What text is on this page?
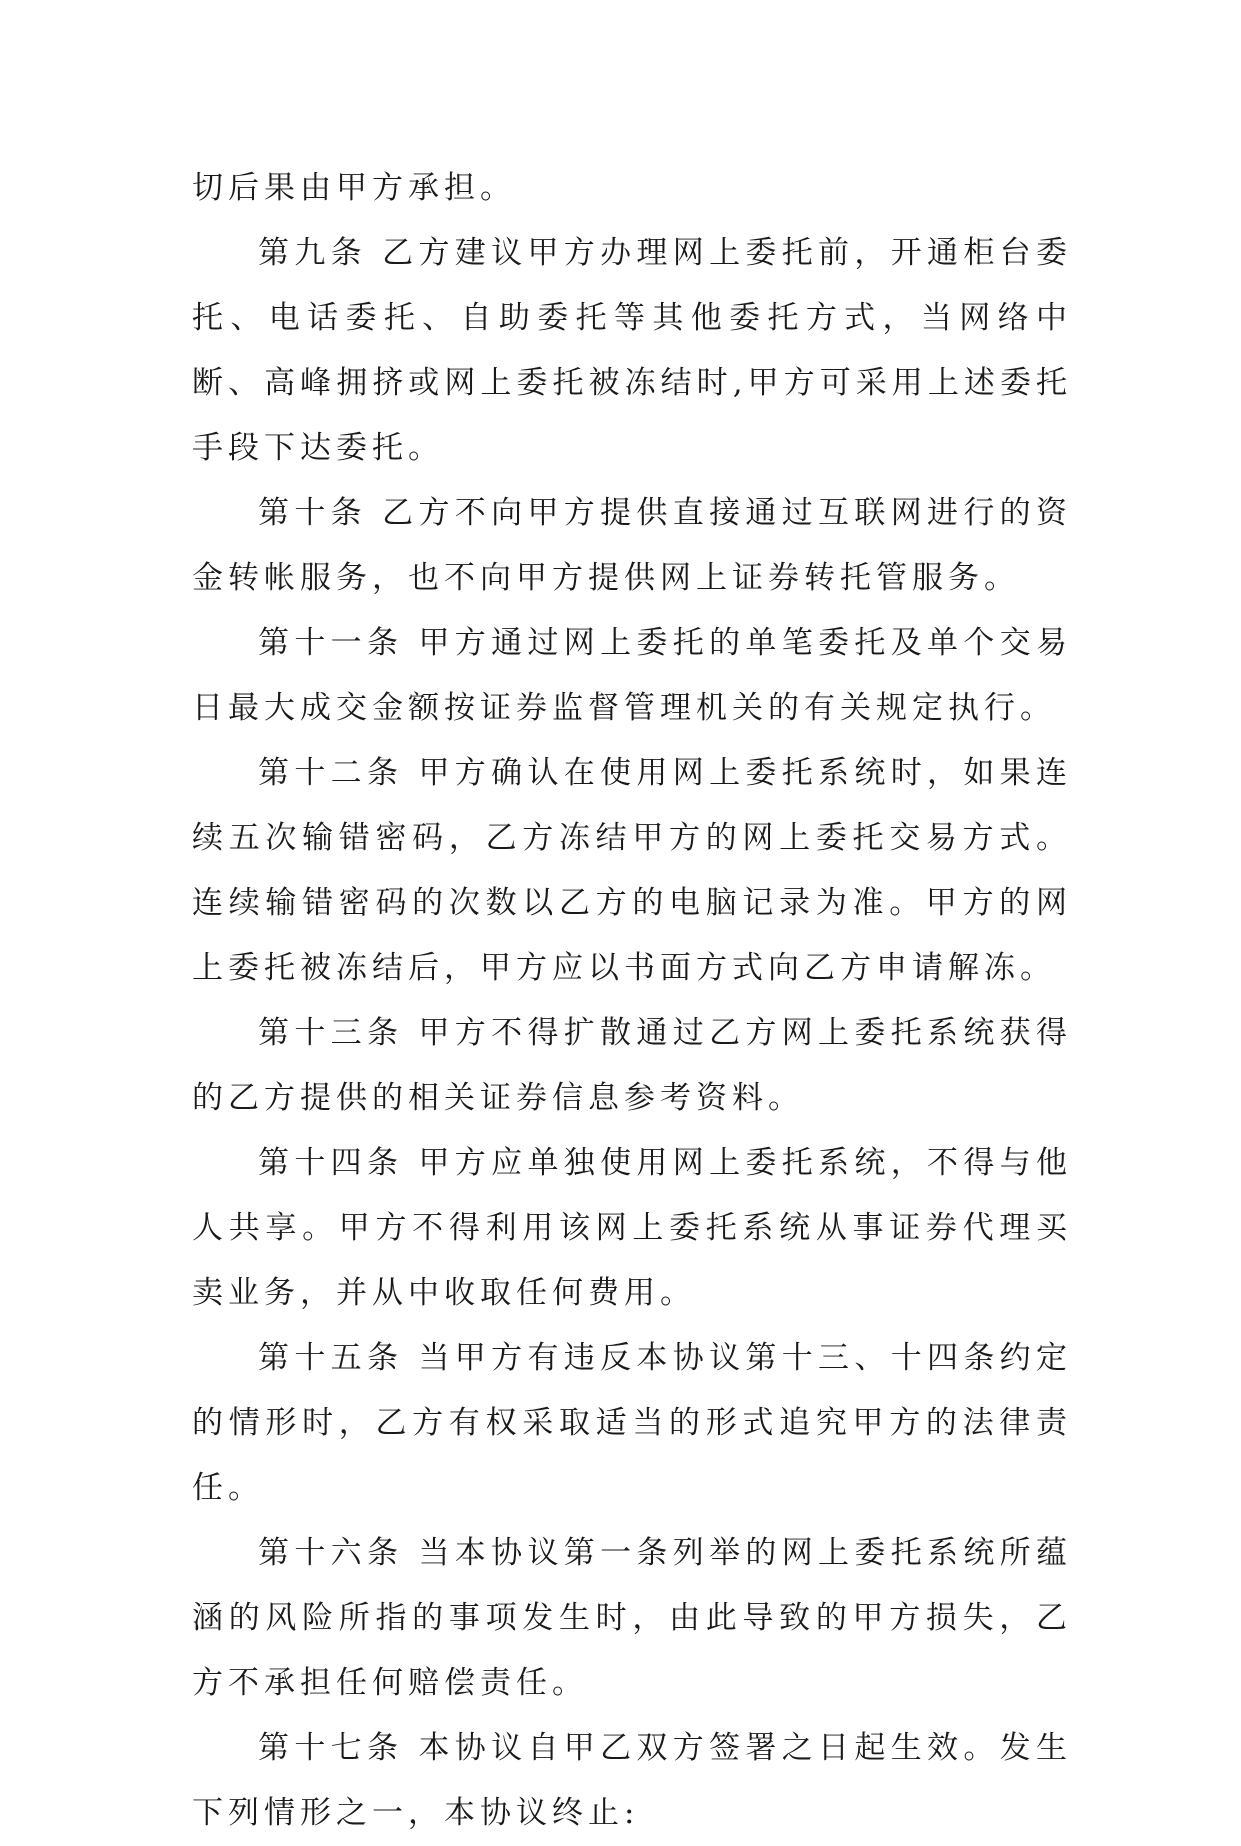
切后果由甲方承担。

第九条 乙方建议甲方办理网上委托前，开通柜台委托、电话委托、自助委托等其他委托方式，当网络中断、高峰拥挤或网上委托被冻结时,甲方可采用上述委托手段下达委托。

第十条 乙方不向甲方提供直接通过互联网进行的资金转帐服务，也不向甲方提供网上证券转托管服务。

第十一条 甲方通过网上委托的单笔委托及单个交易日最大成交金额按证券监督管理机关的有关规定执行。

第十二条 甲方确认在使用网上委托系统时，如果连续五次输错密码，乙方冻结甲方的网上委托交易方式。连续输错密码的次数以乙方的电脑记录为准。甲方的网上委托被冻结后，甲方应以书面方式向乙方申请解冻。

第十三条 甲方不得扩散通过乙方网上委托系统获得的乙方提供的相关证券信息参考资料。

第十四条 甲方应单独使用网上委托系统，不得与他人共享。甲方不得利用该网上委托系统从事证券代理买卖业务，并从中收取任何费用。

第十五条 当甲方有违反本协议第十三、十四条约定的情形时，乙方有权采取适当的形式追究甲方的法律责任。

第十六条 当本协议第一条列举的网上委托系统所蕴涵的风险所指的事项发生时，由此导致的甲方损失，乙方不承担任何赔偿责任。

第十七条 本协议自甲乙双方签署之日起生效。发生下列情形之一，本协议终止:
